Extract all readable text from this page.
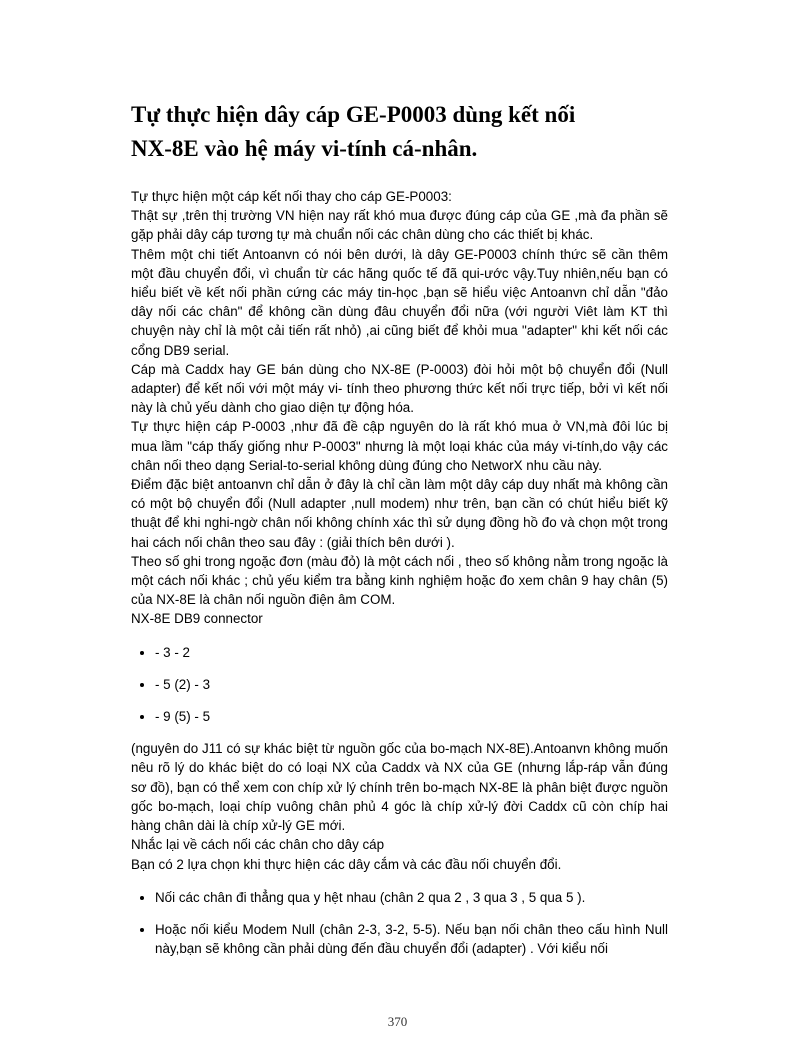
Tự thực hiện dây cáp GE-P0003 dùng kết nối
NX-8E vào hệ máy vi-tính cá-nhân.

Tự thực hiện một cáp kết nối thay cho cáp GE-P0003:

Thật sự ,trên thị trường VN hiện nay rất khó mua được đúng cáp của GE ,mà đa phần sẽ gặp phải dây cáp tương tự mà chuẩn nối các chân dùng cho các thiết bị khác.

Thêm một chi tiết Antoanvn có nói bên dưới, là dây GE-P0003 chính thức sẽ cần thêm một đầu chuyển đổi, vì chuẩn từ các hãng quốc tế đã qui-ước vậy.Tuy nhiên,nếu bạn có hiểu biết về kết nối phần cứng các máy tin-học ,bạn sẽ hiểu việc Antoanvn chỉ dẫn "đảo dây nối các chân" để không cần dùng đâu chuyển đổi nữa (với người Viêt làm KT thì chuyện này chỉ là một cải tiến rất nhỏ) ,ai cũng biết để khỏi mua "adapter" khi kết nối các cổng DB9 serial.

Cáp mà Caddx hay GE bán dùng cho NX-8E (P-0003) đòi hỏi một bộ chuyển đổi (Null adapter) để kết nối với một máy vi- tính theo phương thức kết nối trực tiếp, bởi vì kết nối này là chủ yếu dành cho giao diện tự động hóa.

Tự thực hiện cáp P-0003 ,như đã đề cập nguyên do là rất khó mua ở VN,mà đôi lúc bị mua lầm "cáp thấy giống như P-0003" nhưng là một loại khác của máy vi-tính,do vậy các chân nối theo dạng Serial-to-serial không dùng đúng cho NetworX nhu cầu này.

Điểm đặc biệt antoanvn chỉ dẫn ở đây là chỉ cần làm một dây cáp duy nhất mà không cần có một bộ chuyển đổi (Null adapter ,null modem) như trên, bạn cần có chút hiểu biết kỹ thuật để khi nghi-ngờ chân nối không chính xác thì sử dụng đồng hồ đo và chọn một trong hai cách nối chân theo sau đây : (giải thích bên dưới ).

Theo số ghi trong ngoặc đơn (màu đỏ) là một cách nối , theo số không nằm trong ngoặc là một cách nối khác ; chủ yếu kiểm tra bằng kinh nghiệm hoặc đo xem chân 9 hay chân (5) của NX-8E là chân nối nguồn điện âm COM.

NX-8E DB9 connector

- 3 - 2
- 5 (2) - 3
- 9 (5) - 5

(nguyên do J11 có sự khác biệt từ nguồn gốc của bo-mạch NX-8E).Antoanvn không muốn nêu rõ lý do khác biệt do có loại NX của Caddx và NX của GE (nhưng lắp-ráp vẫn đúng sơ đồ), bạn có thể xem con chíp xử lý chính trên bo-mạch NX-8E là phân biệt được nguồn gốc bo-mạch, loại chíp vuông chân phủ 4 góc là chíp xử-lý đời Caddx cũ còn chíp hai hàng chân dài là chíp xử-lý GE mới.

Nhắc lại về cách nối các chân cho dây cáp

Bạn có 2 lựa chọn khi thực hiện các dây cắm và các đầu nối chuyển đổi.

Nối các chân đi thẳng qua y hệt nhau (chân 2 qua 2 , 3 qua 3 , 5 qua 5 ).
Hoặc nối kiểu Modem Null (chân 2-3, 3-2, 5-5). Nếu bạn nối chân theo cấu hình Null này,bạn sẽ không cần phải dùng đến đầu chuyển đổi (adapter) . Với kiểu nối
370
